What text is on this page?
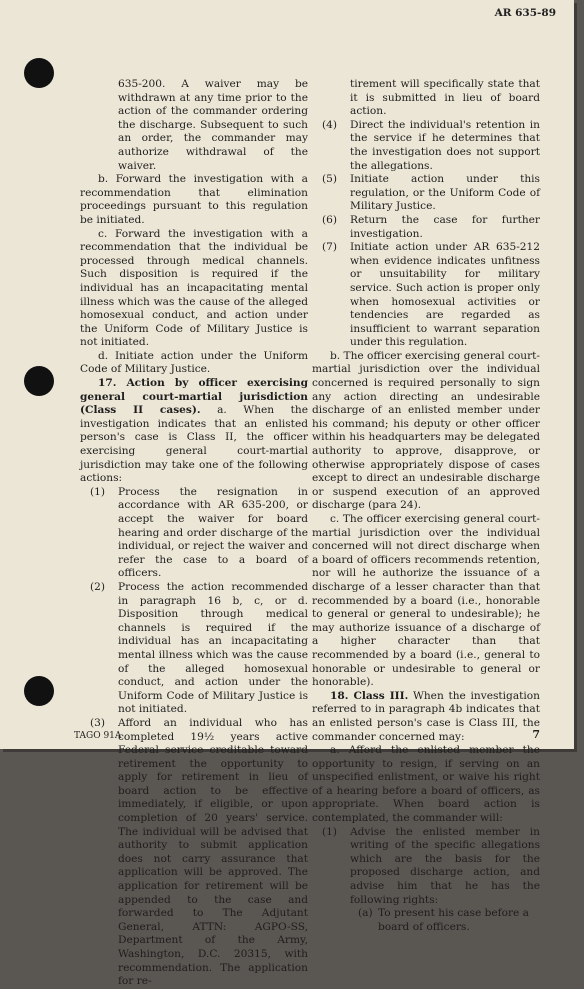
AR 635-89

635-200. A waiver may be withdrawn at any time prior to the action of the commander ordering the discharge. Subsequent to such an order, the commander may authorize withdrawal of the waiver.

b. Forward the investigation with a recommendation that elimination proceedings pursuant to this regulation be initiated.

c. Forward the investigation with a recommendation that the individual be processed through medical channels. Such disposition is required if the individual has an incapacitating mental illness which was the cause of the alleged homosexual conduct, and action under the Uniform Code of Military Justice is not initiated.

d. Initiate action under the Uniform Code of Military Justice.

17. Action by officer exercising general court-martial jurisdiction (Class II cases). a. When the investigation indicates that an enlisted person's case is Class II, the officer exercising general court-martial jurisdiction may take one of the following actions:

(1)	Process the resignation in accordance with AR 635-200, or accept the waiver for board hearing and order discharge of the individual, or reject the waiver and refer the case to a board of officers.
(2)	Process the action recommended in paragraph 16 b, c, or d. Disposition through medical channels is required if the individual has an incapacitating mental illness which was the cause of the alleged homosexual conduct, and action under the Uniform Code of Military Justice is not initiated.
(3)	Afford an individual who has completed 19½ years active Federal service creditable toward retirement the opportunity to apply for retirement in lieu of board action to be effective immediately, if eligible, or upon completion of 20 years' service. The individual will be advised that authority to submit application does not carry assurance that application will be approved. The application for retirement will be appended to the case and forwarded to The Adjutant General, ATTN: AGPO-SS, Department of the Army, Washington, D.C. 20315, with recommendation. The application for re-

tirement will specifically state that it is submitted in lieu of board action.

(4)	Direct the individual's retention in the service if he determines that the investigation does not support the allegations.
(5)	Initiate action under this regulation, or the Uniform Code of Military Justice.
(6)	Return the case for further investigation.
(7)	Initiate action under AR 635-212 when evidence indicates unfitness or unsuitability for military service. Such action is proper only when homosexual activities or tendencies are regarded as insufficient to warrant separation under this regulation.

b. The officer exercising general court-martial jurisdiction over the individual concerned is required personally to sign any action directing an undesirable discharge of an enlisted member under his command; his deputy or other officer within his headquarters may be delegated authority to approve, disapprove, or otherwise appropriately dispose of cases except to direct an undesirable discharge or suspend execution of an approved discharge (para 24).

c. The officer exercising general court-martial jurisdiction over the individual concerned will not direct discharge when a board of officers recommends retention, nor will he authorize the issuance of a discharge of a lesser character than that recommended by a board (i.e., honorable to general or general to undesirable); he may authorize issuance of a discharge of a higher character than that recommended by a board (i.e., general to honorable or undesirable to general or honorable).

18. Class III. When the investigation referred to in paragraph 4b indicates that an enlisted person's case is Class III, the commander concerned may:

a. Afford the enlisted member the opportunity to resign, if serving on an unspecified enlistment, or waive his right of a hearing before a board of officers, as appropriate. When board action is contemplated, the commander will:

(1)	Advise the enlisted member in writing of the specific allegations which are the basis for the proposed discharge action, and advise him that he has the following rights:
(a) To present his case before a board of officers.
TAGO 91A	7
